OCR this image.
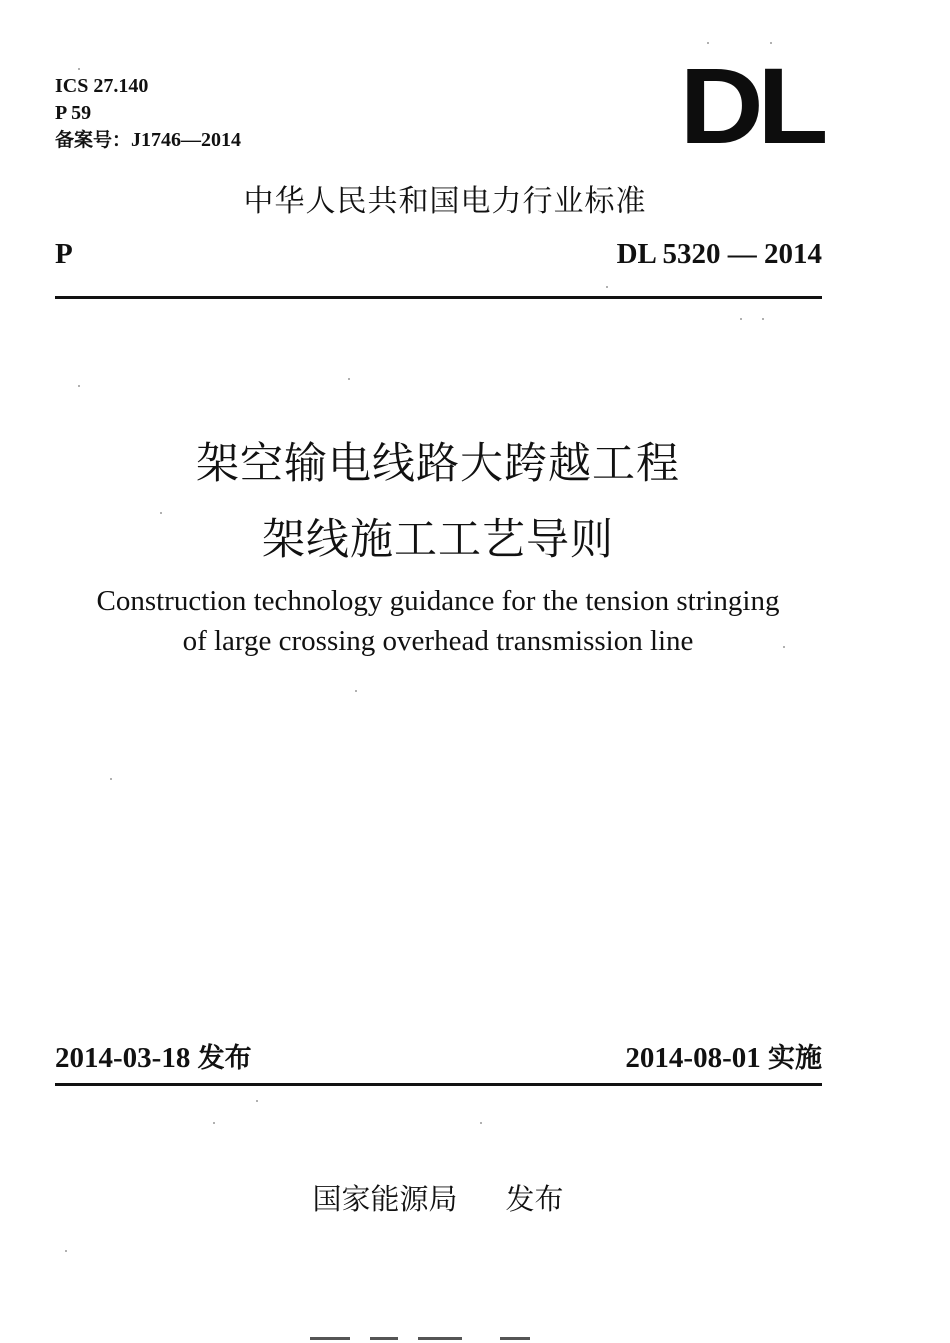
ICS 27.140
P 59
备案号：J1746—2014	DL
中华人民共和国电力行业标准
P	DL 5320 — 2014
架空输电线路大跨越工程
架线施工工艺导则
Construction technology guidance for the tension stringing
of large crossing overhead transmission line
2014-03-18 发布	2014-08-01 实施
国家能源局 发布
